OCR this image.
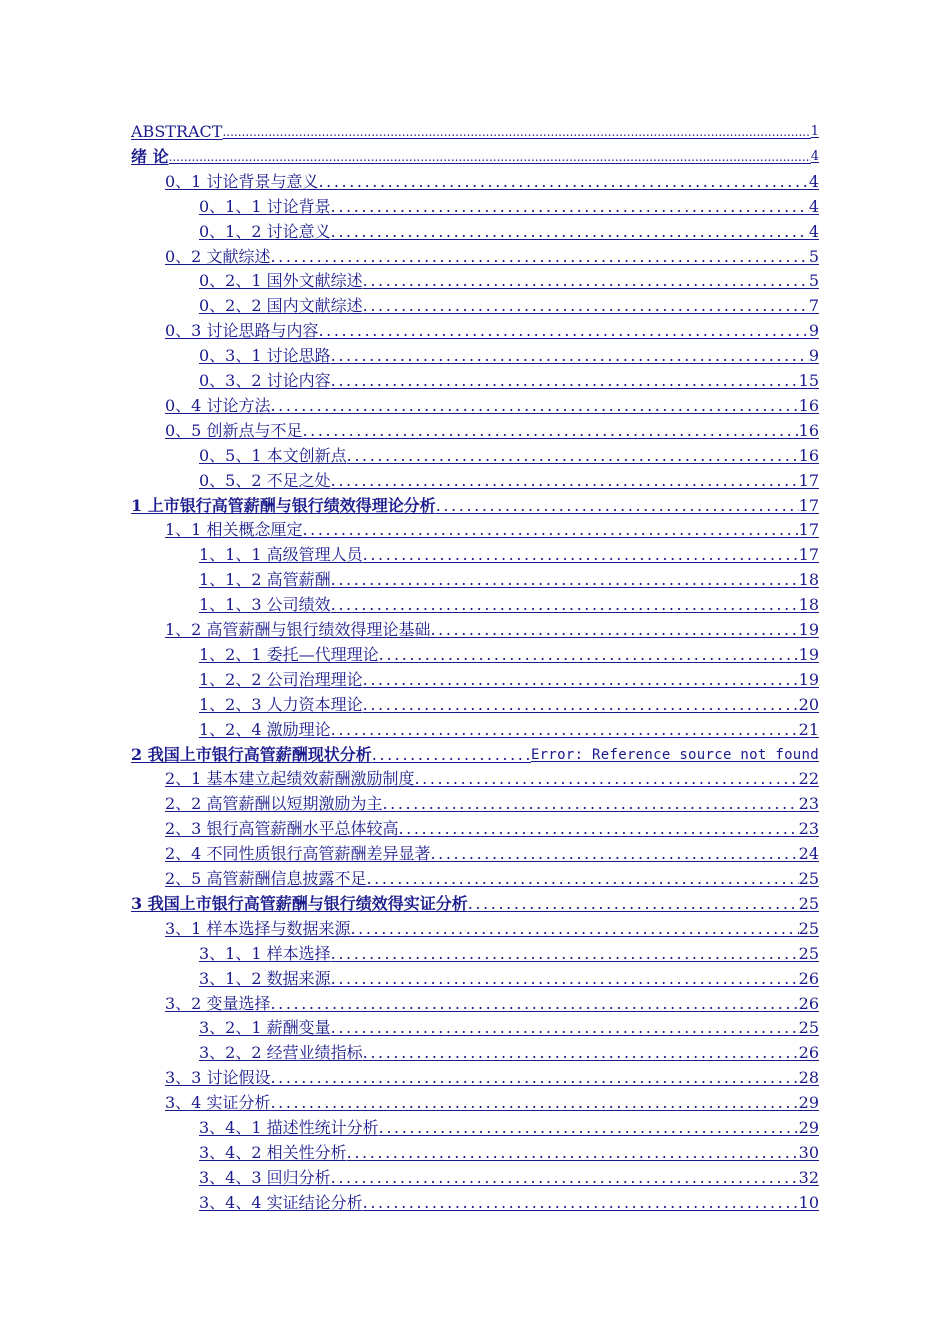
ABSTRACT .....	1
绪 论 .....	4
0、1 讨论背景与意义 .....	4
0、1、1 讨论背景 .....	4
0、1、2 讨论意义 .....	4
0、2 文献综述 .....	5
0、2、1 国外文献综述 .....	5
0、2、2 国内文献综述 .....	7
0、3 讨论思路与内容 .....	9
0、3、1 讨论思路 .....	9
0、3、2 讨论内容 .....	15
0、4 讨论方法 .....	16
0、5 创新点与不足 .....	16
0、5、1 本文创新点 .....	16
0、5、2 不足之处 .....	17
1 上市银行高管薪酬与银行绩效得理论分析 .....	17
1、1 相关概念厘定 .....	17
1、1、1 高级管理人员 .....	17
1、1、2 高管薪酬 .....	18
1、1、3 公司绩效 .....	18
1、2 高管薪酬与银行绩效得理论基础 .....	19
1、2、1 委托—代理理论 .....	19
1、2、2 公司治理理论 .....	19
1、2、3 人力资本理论 .....	20
1、2、4 激励理论 .....	21
2 我国上市银行高管薪酬现状分析 .....	Error: Reference source not found
2、1 基本建立起绩效薪酬激励制度 .....	22
2、2 高管薪酬以短期激励为主 .....	23
2、3 银行高管薪酬水平总体较高 .....	23
2、4 不同性质银行高管薪酬差异显著 .....	24
2、5 高管薪酬信息披露不足 .....	25
3 我国上市银行高管薪酬与银行绩效得实证分析 .....	25
3、1 样本选择与数据来源 .....	25
3、1、1 样本选择 .....	25
3、1、2 数据来源 .....	26
3、2 变量选择 .....	26
3、2、1 薪酬变量 .....	25
3、2、2 经营业绩指标 .....	26
3、3 讨论假设 .....	28
3、4 实证分析 .....	29
3、4、1 描述性统计分析 .....	29
3、4、2 相关性分析 .....	30
3、4、3 回归分析 .....	32
3、4、4 实证结论分析 .....	10
